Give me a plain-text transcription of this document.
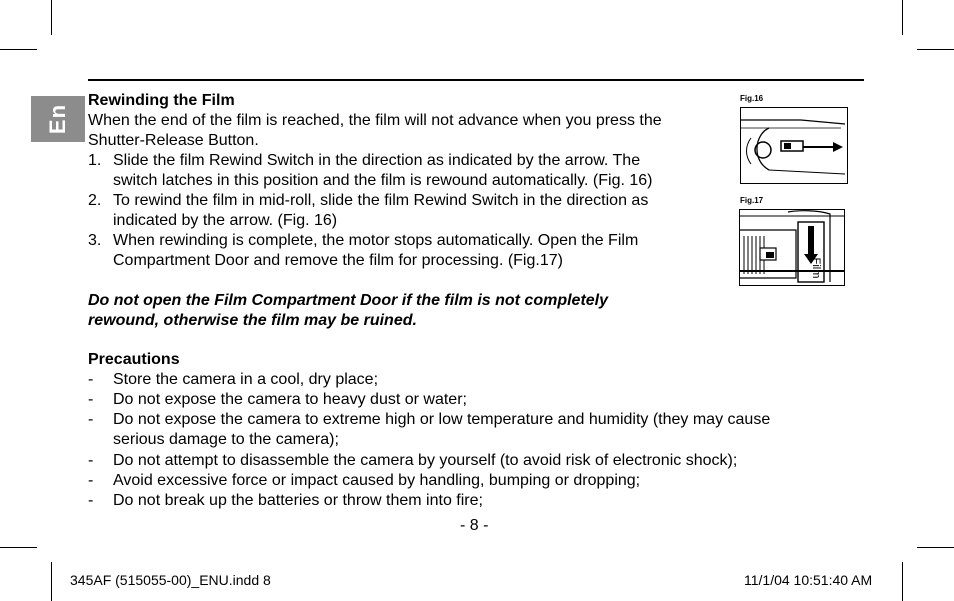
En
Rewinding the Film
When the end of the film is reached, the film will not advance when you press the
Shutter-Release Button.
1. Slide the film Rewind Switch in the direction as indicated by the arrow. The
switch latches in this position and the film is rewound automatically. (Fig. 16)
2. To rewind the film in mid-roll, slide the film Rewind Switch in the direction as
indicated by the arrow. (Fig. 16)
3. When rewinding is complete, the motor stops automatically. Open the Film
Compartment Door and remove the film for processing. (Fig.17)
Do not open the Film Compartment Door if the film is not completely
rewound, otherwise the film may be ruined.
Precautions
- Store the camera in a cool, dry place;
- Do not expose the camera to heavy dust or water;
- Do not expose the camera to extreme high or low temperature and humidity (they may cause
serious damage to the camera);
- Do not attempt to disassemble the camera by yourself (to avoid risk of electronic shock);
- Avoid excessive force or impact caused by handling, bumping or dropping;
- Do not break up the batteries or throw them into fire;
Fig.16
Fig.17
Film
- 8 -
345AF (515055-00)_ENU.indd 8	11/1/04 10:51:40 AM
